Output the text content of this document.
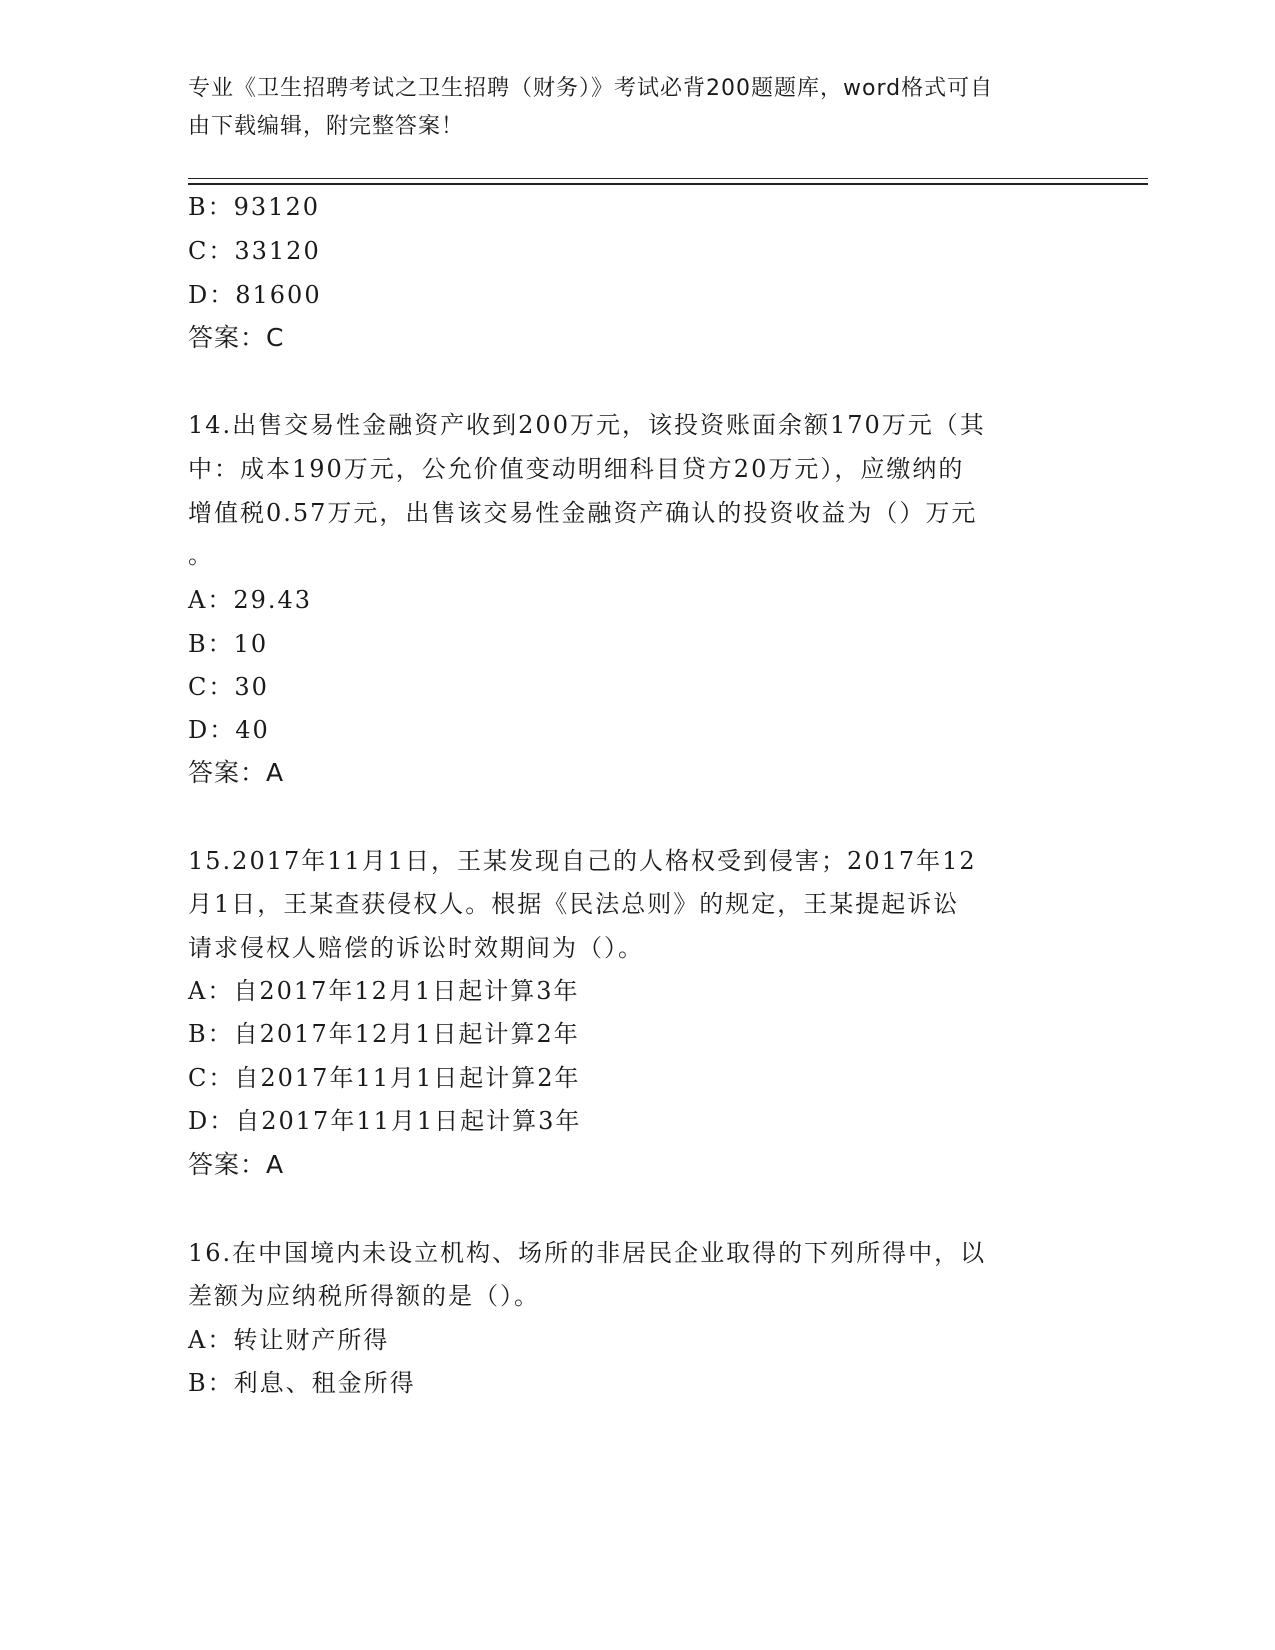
专业《卫生招聘考试之卫生招聘（财务）》考试必背200题题库，word格式可自
由下载编辑，附完整答案！
B：93120
C：33120
D：81600
答案：C
14.出售交易性金融资产收到200万元，该投资账面余额170万元（其
中：成本190万元，公允价值变动明细科目贷方20万元），应缴纳的
增值税0.57万元，出售该交易性金融资产确认的投资收益为（）万元
。
A：29.43
B：10
C：30
D：40
答案：A
15.2017年11月1日，王某发现自己的人格权受到侵害；2017年12
月1日，王某查获侵权人。根据《民法总则》的规定，王某提起诉讼
请求侵权人赔偿的诉讼时效期间为（）。
A：自2017年12月1日起计算3年
B：自2017年12月1日起计算2年
C：自2017年11月1日起计算2年
D：自2017年11月1日起计算3年
答案：A
16.在中国境内未设立机构、场所的非居民企业取得的下列所得中，以
差额为应纳税所得额的是（）。
A：转让财产所得
B：利息、租金所得
